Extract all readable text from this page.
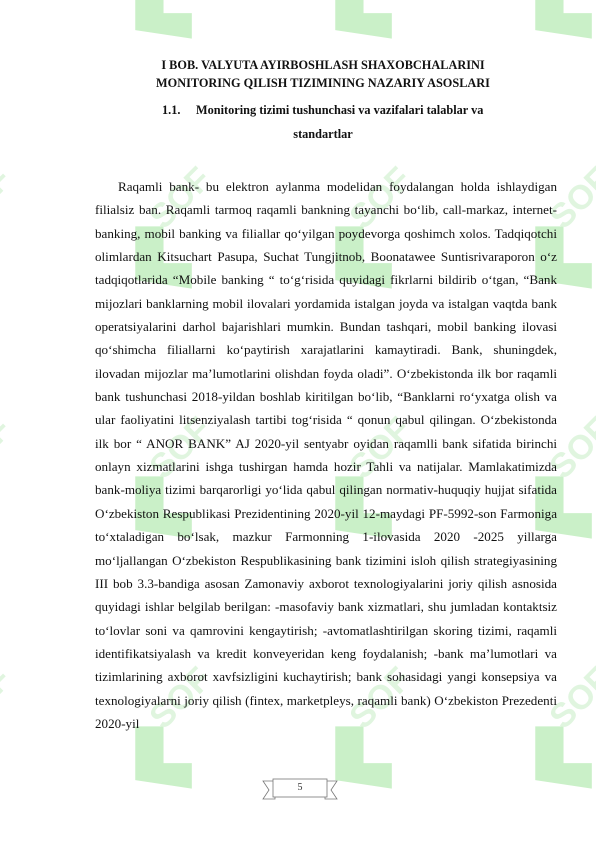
I BOB. VALYUTA AYIRBOSHLASH SHAXOBCHALARINI
MONITORING QILISH TIZIMINING NAZARIY ASOSLARI
1.1. Monitoring tizimi tushunchasi va vazifalari talablar va
standartlar

Raqamli bank- bu elektron aylanma modelidan foydalangan holda ishlaydigan filialsiz ban. Raqamli tarmoq raqamli bankning tayanchi bo‘lib, call-markaz, internet-banking, mobil banking va filiallar qo‘yilgan poydevorga qoshimch xolos. Tadqiqotchi olimlardan Kitsuchart Pasupa, Suchat Tungjitnob, Boonatawee Suntisrivaraporon o‘z tadqiqotlarida “Mobile banking “ to‘g‘risida quyidagi fikrlarni bildirib o‘tgan, “Bank mijozlari banklarning mobil ilovalari yordamida istalgan joyda va istalgan vaqtda bank operatsiyalarini darhol bajarishlari mumkin. Bundan tashqari, mobil banking ilovasi qo‘shimcha filiallarni ko‘paytirish xarajatlarini kamaytiradi. Bank, shuningdek, ilovadan mijozlar ma’lumotlarini olishdan foyda oladi”. O‘zbekistonda ilk bor raqamli bank tushunchasi 2018-yildan boshlab kiritilgan bo‘lib, “Banklarni ro‘yxatga olish va ular faoliyatini litsenziyalash tartibi tog‘risida “ qonun qabul qilingan. O‘zbekistonda ilk bor “ ANOR BANK” AJ 2020-yil sentyabr oyidan raqamlli bank sifatida birinchi onlayn xizmatlarini ishga tushirgan hamda hozir Tahli va natijalar. Mamlakatimizda bank-moliya tizimi barqarorligi yo‘lida qabul qilingan normativ-huquqiy hujjat sifatida O‘zbekiston Respublikasi Prezidentining 2020-yil 12-maydagi PF-5992-son Farmoniga to‘xtaladigan bo‘lsak, mazkur Farmonning 1-ilovasida 2020 -2025 yillarga mo‘ljallangan O‘zbekiston Respublikasining bank tizimini isloh qilish strategiyasining III bob 3.3-bandiga asosan Zamonaviy axborot texnologiyalarini joriy qilish asnosida quyidagi ishlar belgilab berilgan: -masofaviy bank xizmatlari, shu jumladan kontaktsiz to‘lovlar soni va qamrovini kengaytirish; -avtomatlashtirilgan skoring tizimi, raqamli identifikatsiyalash va kredit konveyeridan keng foydalanish; -bank ma’lumotlari va tizimlarining axborot xavfsizligini kuchaytirish; bank sohasidagi yangi konsepsiya va texnologiyalarni joriy qilish (fintex, marketpleys, raqamli bank) O‘zbekiston Prezedenti 2020-yil

5
